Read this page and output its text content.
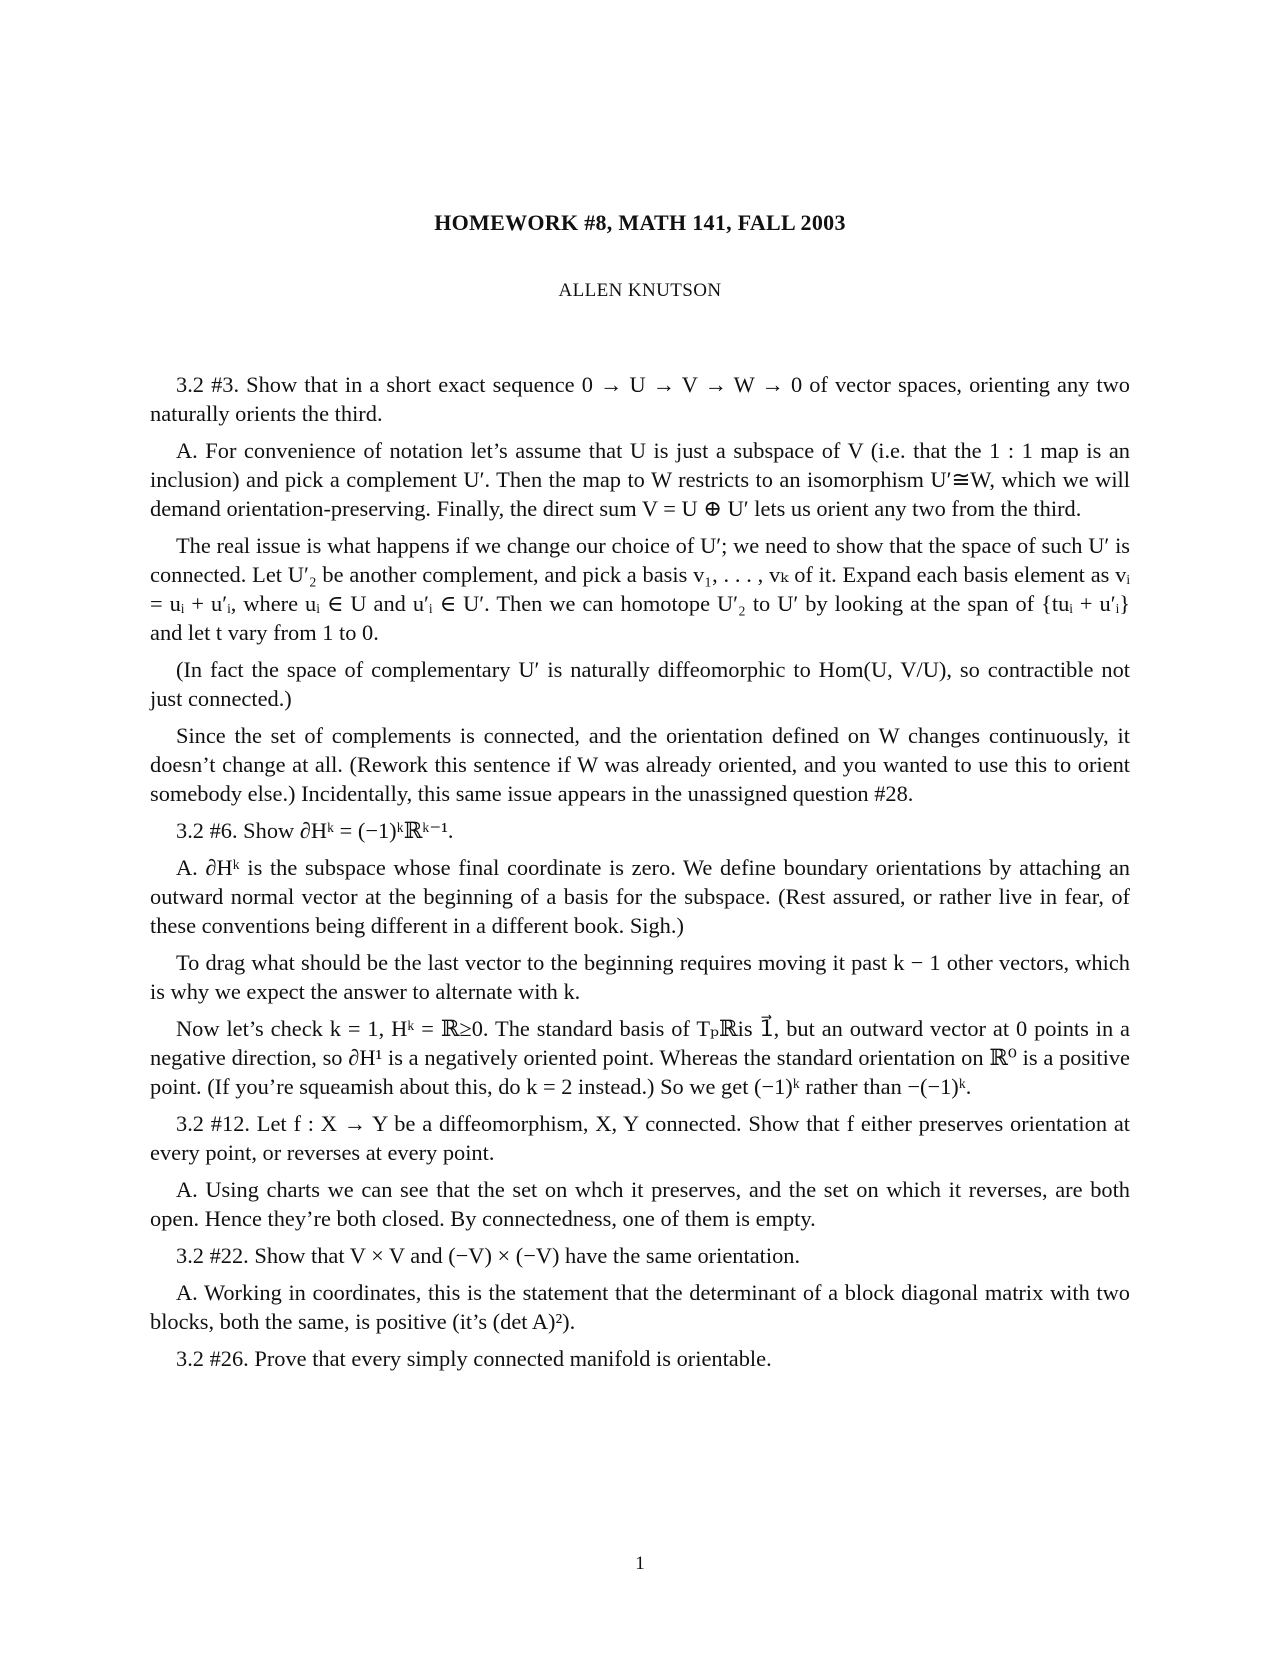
HOMEWORK #8, MATH 141, FALL 2003
ALLEN KNUTSON

3.2 #3. Show that in a short exact sequence 0 → U → V → W → 0 of vector spaces, orienting any two naturally orients the third.

A. For convenience of notation let’s assume that U is just a subspace of V (i.e. that the 1 : 1 map is an inclusion) and pick a complement U′. Then the map to W restricts to an isomorphism U′≅W, which we will demand orientation-preserving. Finally, the direct sum V = U ⊕ U′ lets us orient any two from the third.

The real issue is what happens if we change our choice of U′; we need to show that the space of such U′ is connected. Let U′₂ be another complement, and pick a basis v₁, . . . , vₖ of it. Expand each basis element as vᵢ = uᵢ + u′ᵢ, where uᵢ ∈ U and u′ᵢ ∈ U′. Then we can homotope U′₂ to U′ by looking at the span of {tuᵢ + u′ᵢ} and let t vary from 1 to 0.

(In fact the space of complementary U′ is naturally diffeomorphic to Hom(U, V/U), so contractible not just connected.)

Since the set of complements is connected, and the orientation defined on W changes continuously, it doesn’t change at all. (Rework this sentence if W was already oriented, and you wanted to use this to orient somebody else.) Incidentally, this same issue appears in the unassigned question #28.

3.2 #6. Show ∂Hᵏ = (−1)ᵏℝᵏ⁻¹.

A. ∂Hᵏ is the subspace whose final coordinate is zero. We define boundary orientations by attaching an outward normal vector at the beginning of a basis for the subspace. (Rest assured, or rather live in fear, of these conventions being different in a different book. Sigh.)

To drag what should be the last vector to the beginning requires moving it past k − 1 other vectors, which is why we expect the answer to alternate with k.

Now let’s check k = 1, Hᵏ = ℝ≥0. The standard basis of Tₚℝis 1⃗, but an outward vector at 0 points in a negative direction, so ∂H¹ is a negatively oriented point. Whereas the standard orientation on ℝ⁰ is a positive point. (If you’re squeamish about this, do k = 2 instead.) So we get (−1)ᵏ rather than −(−1)ᵏ.

3.2 #12. Let f : X → Y be a diffeomorphism, X, Y connected. Show that f either preserves orientation at every point, or reverses at every point.

A. Using charts we can see that the set on whch it preserves, and the set on which it reverses, are both open. Hence they’re both closed. By connectedness, one of them is empty.

3.2 #22. Show that V × V and (−V) × (−V) have the same orientation.

A. Working in coordinates, this is the statement that the determinant of a block diagonal matrix with two blocks, both the same, is positive (it’s (det A)²).

3.2 #26. Prove that every simply connected manifold is orientable.

1
